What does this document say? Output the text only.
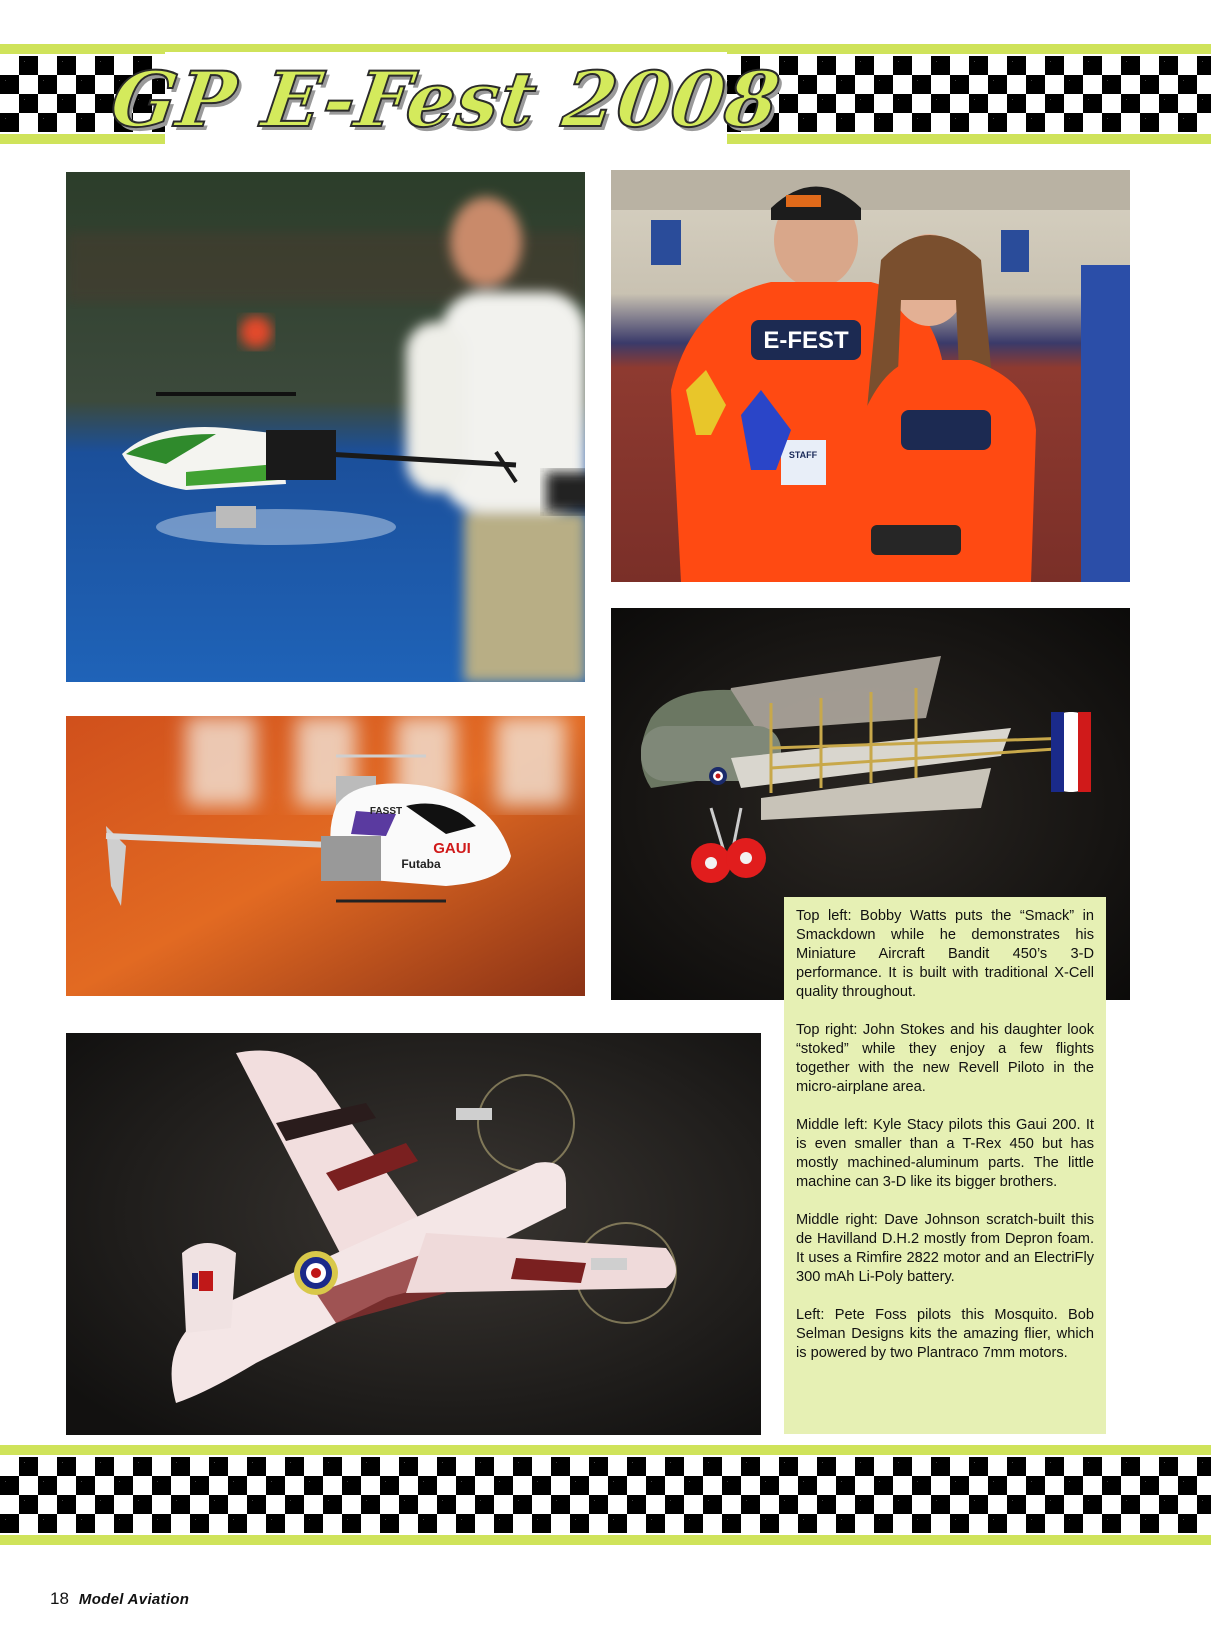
GP E-Fest 2008
E-FEST
STAFF
GAUI
Futaba
FASST

Top left: Bobby Watts puts the “Smack” in Smackdown while he demonstrates his Miniature Aircraft Bandit 450’s 3-D performance. It is built with traditional X-Cell quality throughout.

Top right: John Stokes and his daughter look “stoked” while they enjoy a few flights together with the new Revell Piloto in the micro-airplane area.

Middle left: Kyle Stacy pilots this Gaui 200. It is even smaller than a T-Rex 450 but has mostly machined-aluminum parts. The little machine can 3-D like its bigger brothers.

Middle right: Dave Johnson scratch-built this de Havilland D.H.2 mostly from Depron foam. It uses a Rimfire 2822 motor and an ElectriFly 300 mAh Li-Poly battery.

Left: Pete Foss pilots this Mosquito. Bob Selman Designs kits the amazing flier, which is powered by two Plantraco 7mm motors.

18 Model Aviation
